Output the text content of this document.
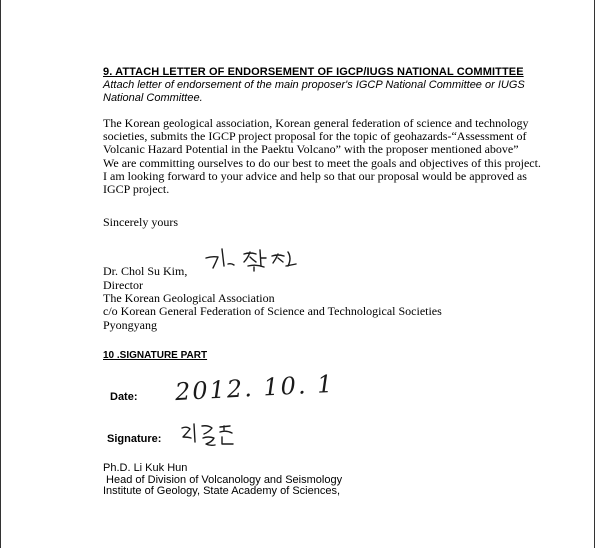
9. ATTACH LETTER OF ENDORSEMENT OF IGCP/IUGS NATIONAL COMMITTEE
Attach letter of endorsement of the main proposer's IGCP National Committee or IUGS
National Committee.
The Korean geological association, Korean general federation of science and technology
societies, submits the IGCP project proposal for the topic of geohazards-“Assessment of
Volcanic Hazard Potential in the Paektu Volcano” with the proposer mentioned above”
We are committing ourselves to do our best to meet the goals and objectives of this project.
I am looking forward to your advice and help so that our proposal would be approved as
IGCP project.
Sincerely yours
Dr. Chol Su Kim,
Director
The Korean Geological Association
c/o Korean General Federation of Science and Technological Societies
Pyongyang
10 .SIGNATURE PART
Date: 2012. 10. 1
Signature:
Ph.D. Li Kuk Hun
Head of Division of Volcanology and Seismology
Institute of Geology, State Academy of Sciences,
